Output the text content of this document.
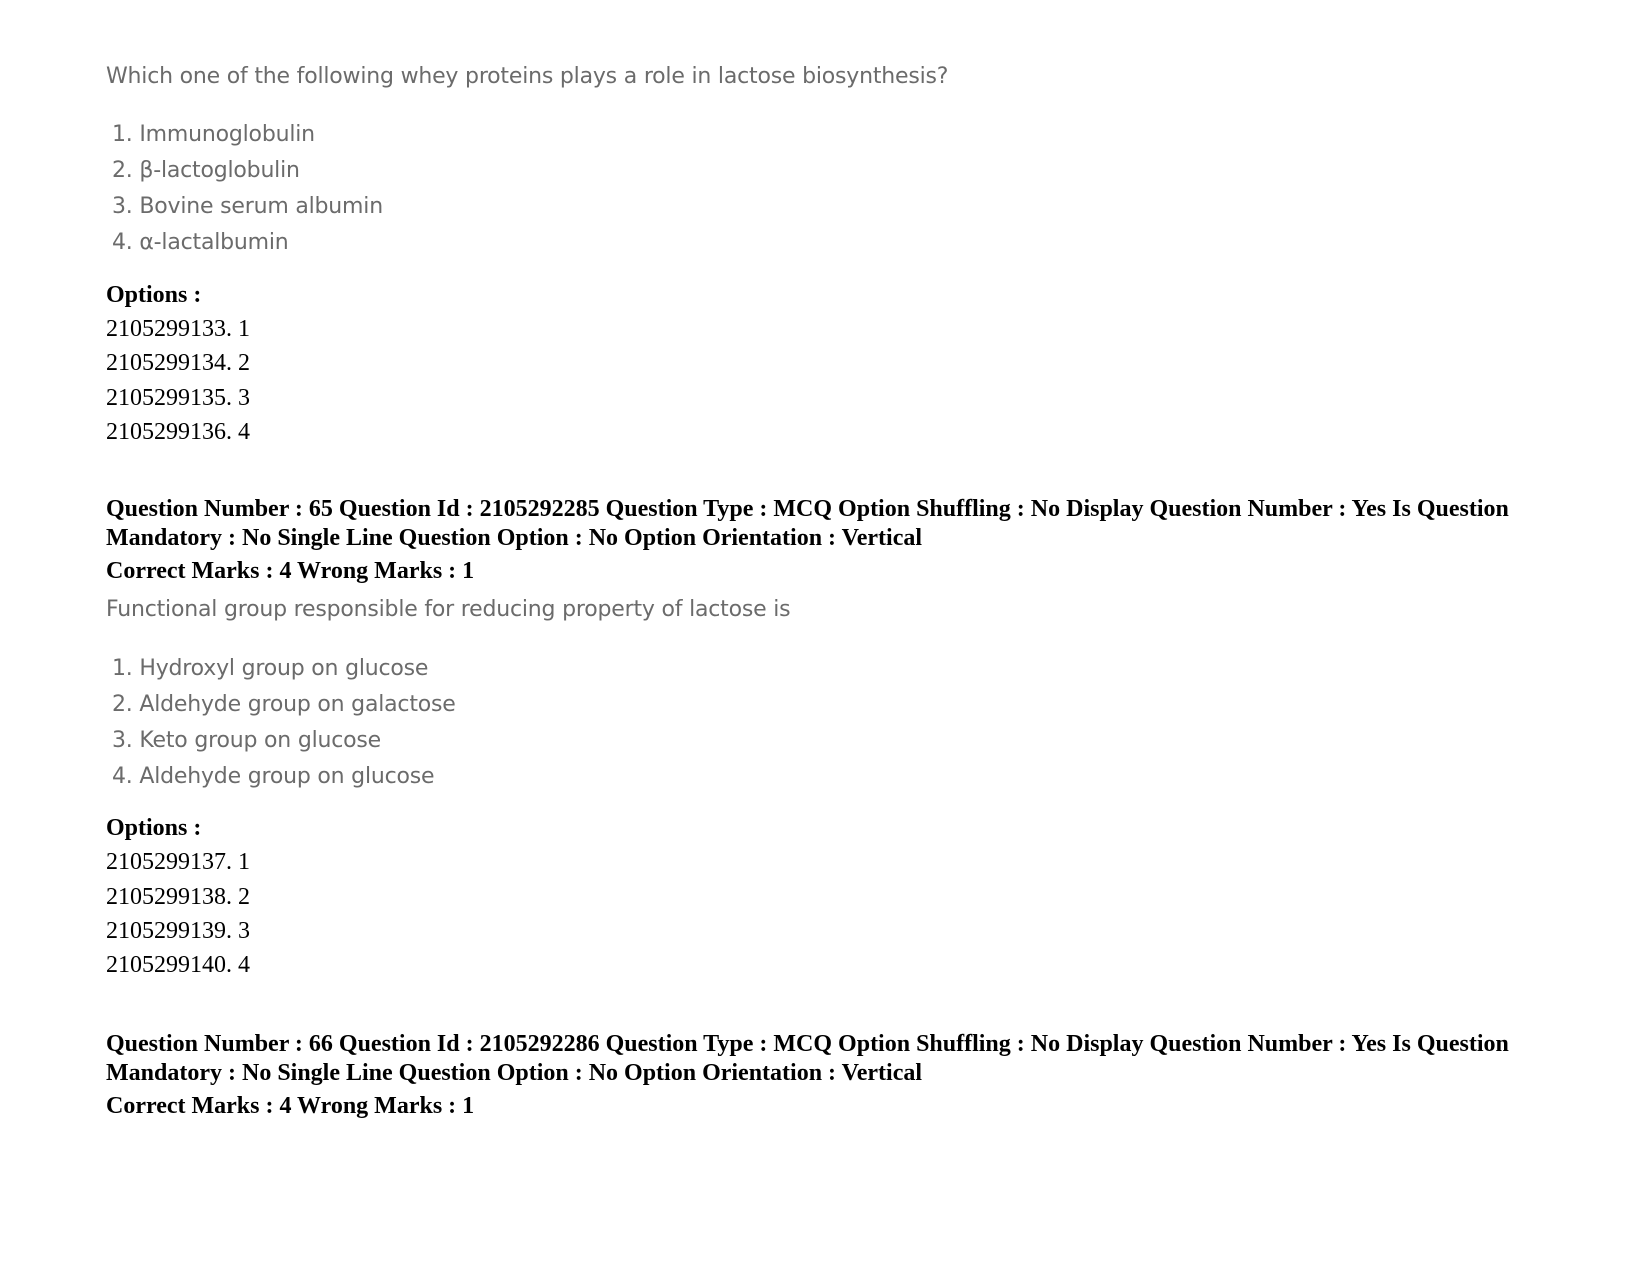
Which one of the following whey proteins plays a role in lactose biosynthesis?
1. Immunoglobulin
2. β-lactoglobulin
3. Bovine serum albumin
4. α-lactalbumin
Options :
2105299133. 1
2105299134. 2
2105299135. 3
2105299136. 4
Question Number : 65 Question Id : 2105292285 Question Type : MCQ Option Shuffling : No Display Question Number : Yes Is Question Mandatory : No Single Line Question Option : No Option Orientation : Vertical
Correct Marks : 4 Wrong Marks : 1
Functional group responsible for reducing property of lactose is
1. Hydroxyl group on glucose
2. Aldehyde group on galactose
3. Keto group on glucose
4. Aldehyde group on glucose
Options :
2105299137. 1
2105299138. 2
2105299139. 3
2105299140. 4
Question Number : 66 Question Id : 2105292286 Question Type : MCQ Option Shuffling : No Display Question Number : Yes Is Question Mandatory : No Single Line Question Option : No Option Orientation : Vertical
Correct Marks : 4 Wrong Marks : 1
